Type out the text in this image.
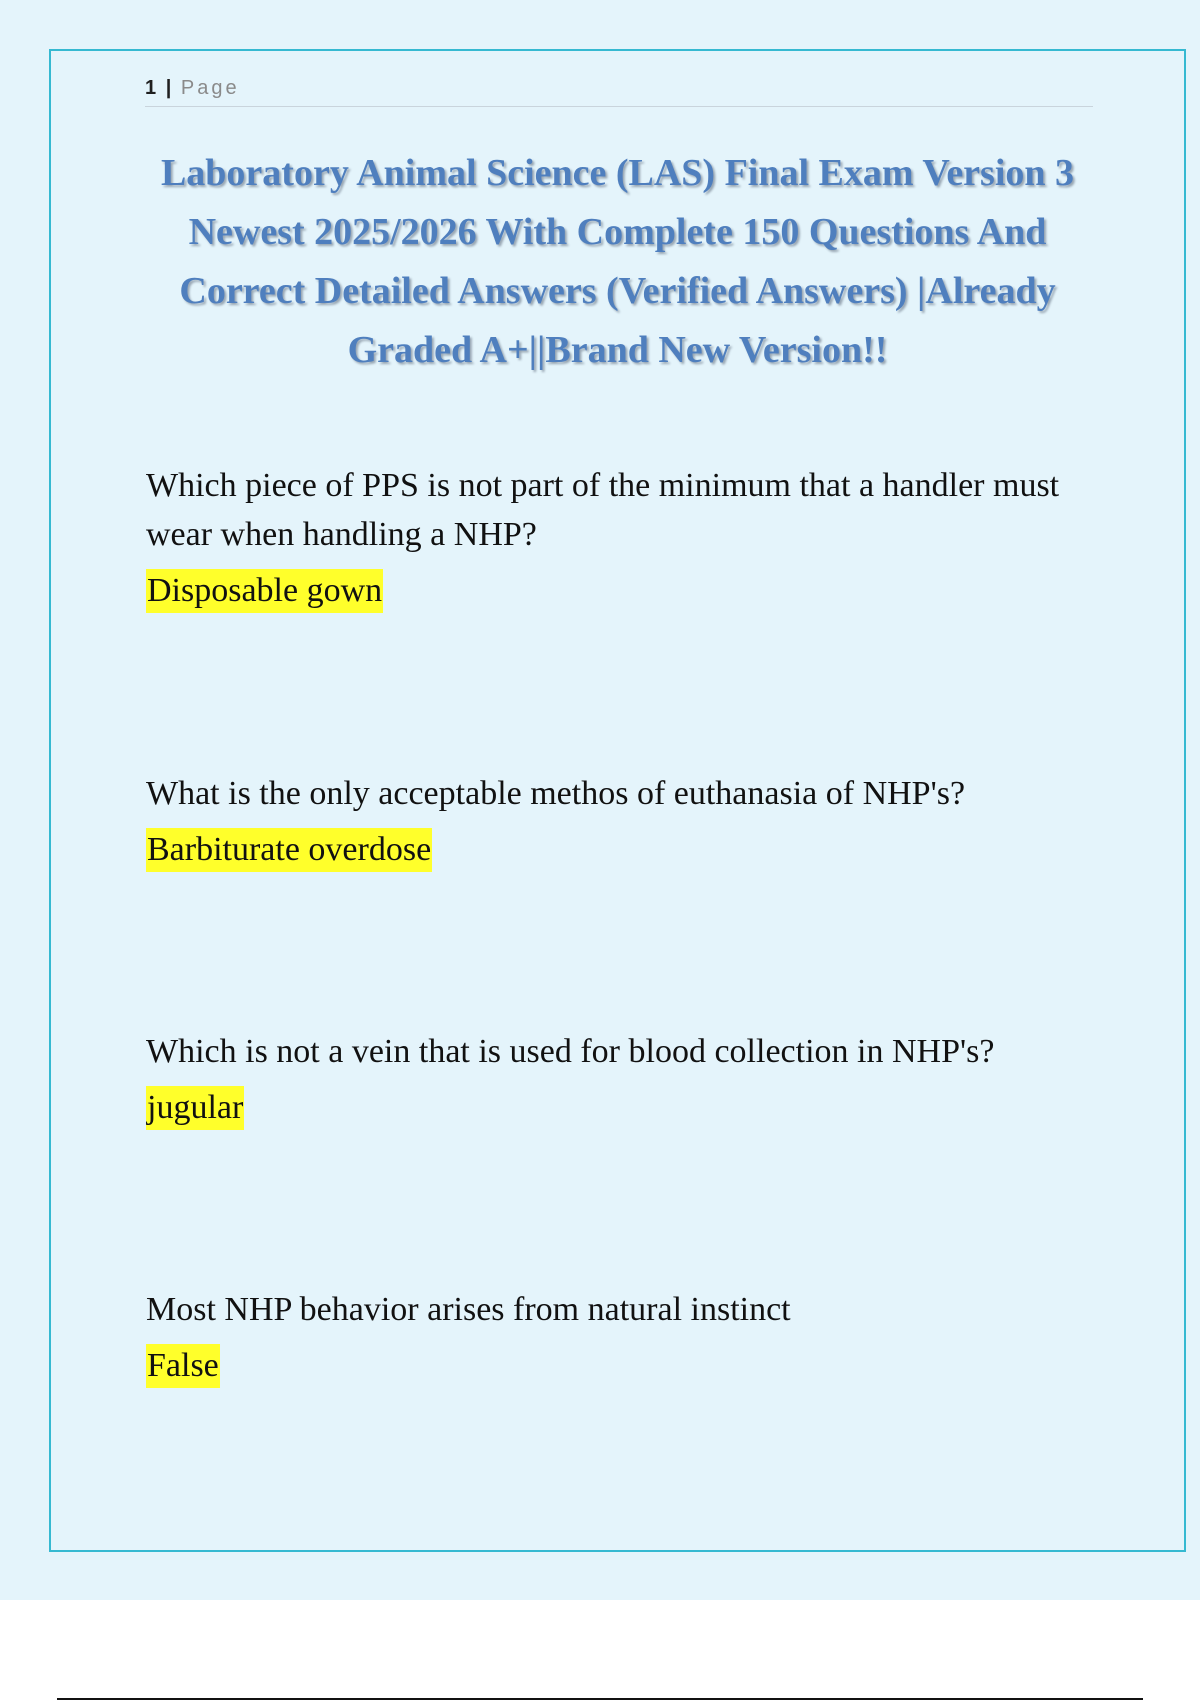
1 | Page
Laboratory Animal Science (LAS) Final Exam Version 3 Newest 2025/2026 With Complete 150 Questions And Correct Detailed Answers (Verified Answers) |Already Graded A+||Brand New Version!!

Which piece of PPS is not part of the minimum that a handler must wear when handling a NHP?

Disposable gown

What is the only acceptable methos of euthanasia of NHP's?

Barbiturate overdose

Which is not a vein that is used for blood collection in NHP's?

jugular

Most NHP behavior arises from natural instinct

False
